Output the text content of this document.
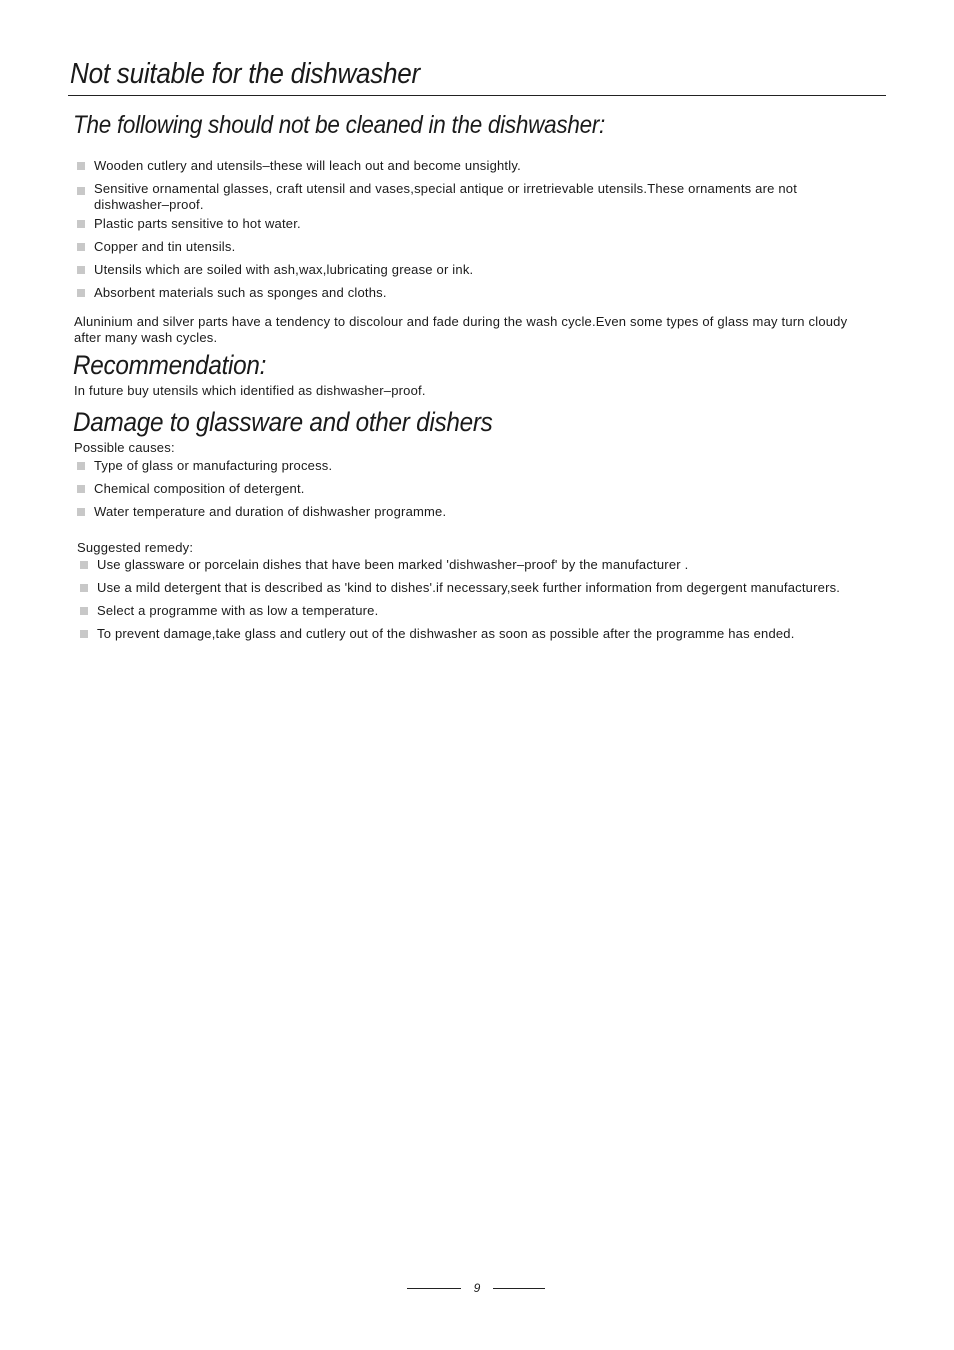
Not suitable for the dishwasher
The following should not be cleaned in the dishwasher:
Wooden cutlery and utensils–these will leach out and become unsightly.
Sensitive ornamental glasses, craft utensil and vases,special antique or irretrievable utensils.These ornaments are not dishwasher–proof.
Plastic parts sensitive to hot water.
Copper and tin utensils.
Utensils which are soiled with ash,wax,lubricating grease or ink.
Absorbent materials such as sponges and cloths.

Aluninium and silver parts have a tendency to discolour and fade during the wash cycle.Even some types of glass may turn cloudy after many wash cycles.

Recommendation:

In future buy utensils which identified as dishwasher–proof.

Damage to glassware and other dishers

Possible causes:

Type of glass or manufacturing process.
Chemical composition of detergent.
Water temperature and duration of dishwasher programme.

Suggested remedy:

Use glassware or porcelain dishes that have been marked 'dishwasher–proof' by the manufacturer .
Use a mild detergent that is described as 'kind to dishes'.if necessary,seek further information from degergent manufacturers.
Select a programme with as low a temperature.
To prevent damage,take glass and cutlery out of the dishwasher as soon as possible after the programme has ended.
9
